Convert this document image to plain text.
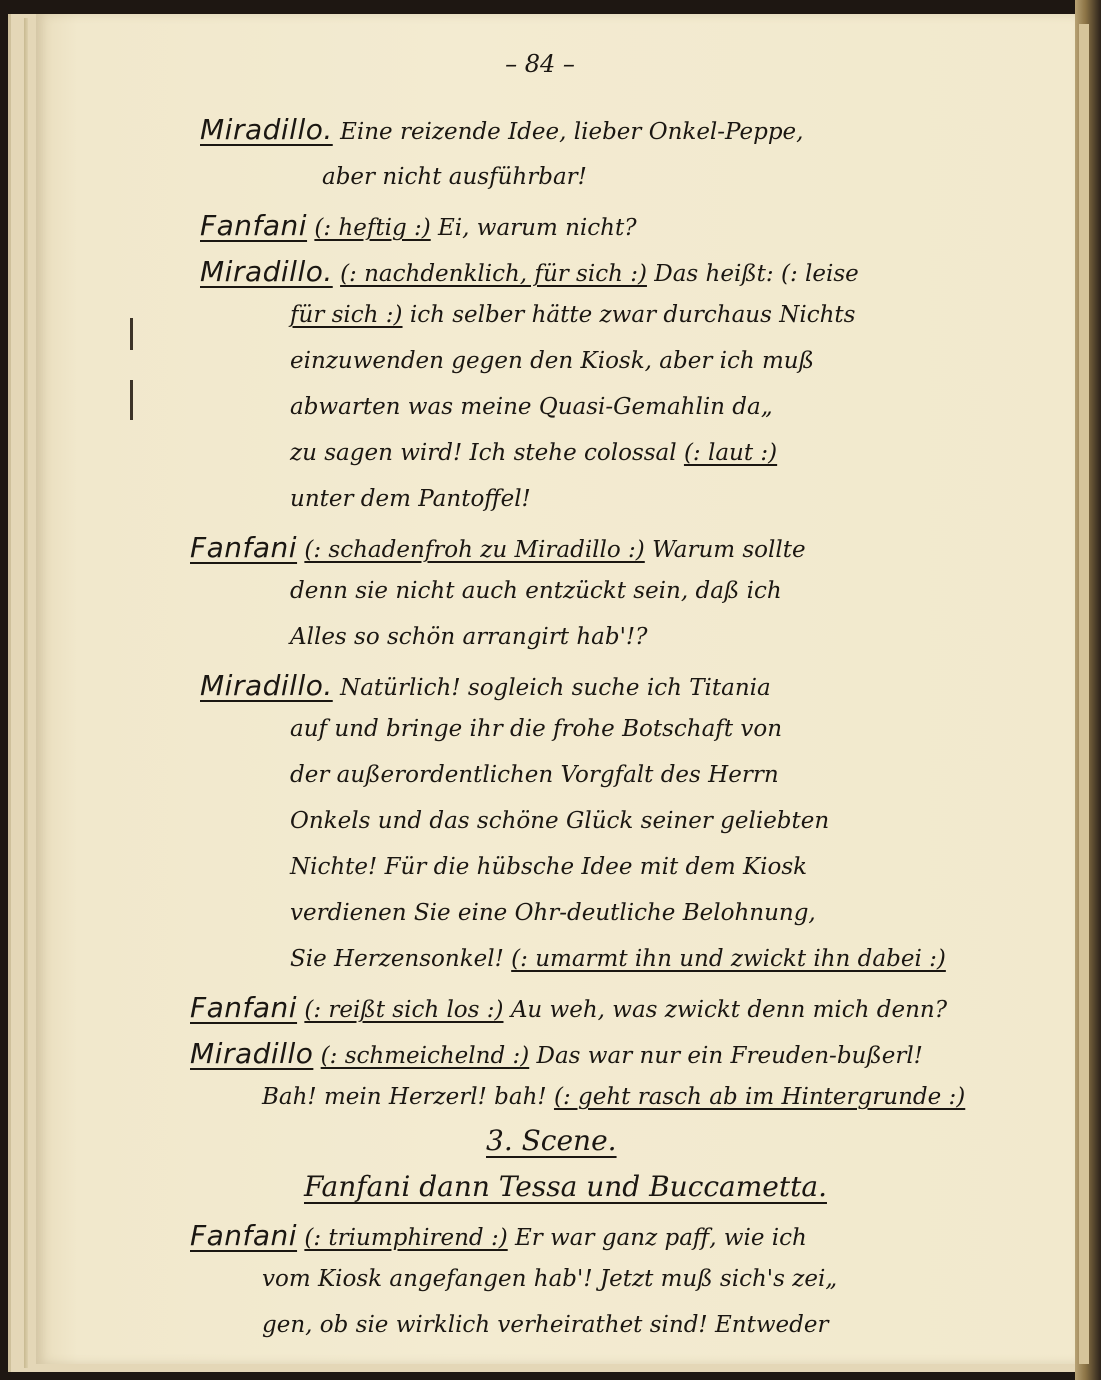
– 84 –
Miradillo. Eine reizende Idee, lieber Onkel-Peppe,
aber nicht ausführbar!
Fanfani (: heftig :) Ei, warum nicht?
Miradillo. (: nachdenklich, für sich :) Das heißt: (: leise
für sich :) ich selber hätte zwar durchaus Nichts
einzuwenden gegen den Kiosk, aber ich muß
abwarten was meine Quasi-Gemahlin da„
zu sagen wird! Ich stehe colossal (: laut :)
unter dem Pantoffel!
Fanfani (: schadenfroh zu Miradillo :) Warum sollte
denn sie nicht auch entzückt sein, daß ich
Alles so schön arrangirt hab'!?
Miradillo. Natürlich! sogleich suche ich Titania
auf und bringe ihr die frohe Botschaft von
der außerordentlichen Vorgfalt des Herrn
Onkels und das schöne Glück seiner geliebten
Nichte! Für die hübsche Idee mit dem Kiosk
verdienen Sie eine Ohr-deutliche Belohnung,
Sie Herzensonkel! (: umarmt ihn und zwickt ihn dabei :)
Fanfani (: reißt sich los :) Au weh, was zwickt denn mich denn?
Miradillo (: schmeichelnd :) Das war nur ein Freuden-bußerl!
Bah! mein Herzerl! bah! (: geht rasch ab im Hintergrunde :)
3. Scene.
Fanfani dann Tessa und Buccametta.
Fanfani (: triumphirend :) Er war ganz paff, wie ich
vom Kiosk angefangen hab'! Jetzt muß sich's zei„
gen, ob sie wirklich verheirathet sind! Entweder
